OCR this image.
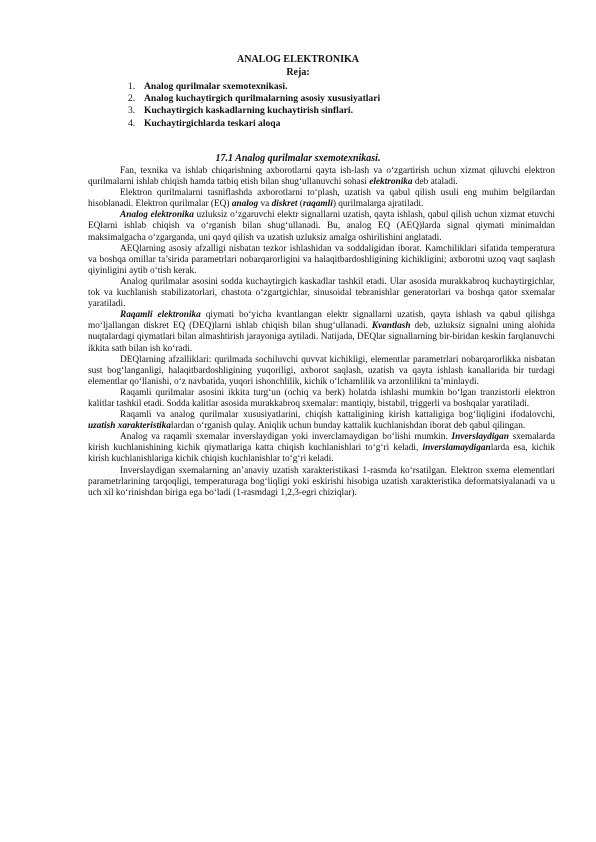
ANALOG ELEKTRONIKA
Reja:
1. Analog qurilmalar sxemotexnikasi.
2. Analog kuchaytirgich qurilmalarning asosiy xususiyatlari
3. Kuchaytirgich kaskadlarning kuchaytirish sinflari.
4. Kuchaytirgichlarda teskari aloqa
17.1 Analog qurilmalar sxemotexnikasi.

Fan, texnika va ishlab chiqarishning axborotlarni qayta ish-lash va o‘zgartirish uchun xizmat qiluvchi elektron qurilmalarni ishlab chiqish hamda tatbiq etish bilan shug‘ullanuvchi sohasi elektronika deb ataladi.

Elektron qurilmalarni tasniflashda axborotlarni to‘plash, uzatish va qabul qilish usuli eng muhim belgilardan hisoblanadi. Elektron qurilmalar (EQ) analog va diskret (raqamli) qurilmalarga ajratiladi.

Analog elektronika uzluksiz o‘zgaruvchi elektr signallarni uzatish, qayta ishlash, qabul qilish uchun xizmat etuvchi EQlarni ishlab chiqish va o‘rganish bilan shug‘ullanadi. Bu, analog EQ (AEQ)larda signal qiymati minimaldan maksimalgacha o‘zgarganda, uni qayd qilish va uzatish uzluksiz amalga oshirilishini anglatadi.

AEQlarning asosiy afzalligi nisbatan tezkor ishlashidan va soddaligidan iborat. Kamchiliklari sifatida temperatura va boshqa omillar ta’sirida parametrlari nobarqarorligini va halaqitbardoshligining kichikligini; axborotni uzoq vaqt saqlash qiyinligini aytib o‘tish kerak.

Analog qurilmalar asosini sodda kuchaytirgich kaskadlar tashkil etadi. Ular asosida murakkabroq kuchaytirgichlar, tok va kuchlanish stabilizatorlari, chastota o‘zgartgichlar, sinusoidal tebranishlar generatorlari va boshqa qator sxemalar yaratiladi.

Raqamli elektronika qiymati bo‘yicha kvantlangan elektr signallarni uzatish, qayta ishlash va qabul qilishga mo‘ljallangan diskret EQ (DEQ)larni ishlab chiqish bilan shug‘ullanadi. Kvantlash deb, uzluksiz signalni uning alohida nuqtalardagi qiymatlari bilan almashtirish jarayoniga aytiladi. Natijada, DEQlar signallarning bir-biridan keskin farqlanuvchi ikkita sath bilan ish ko‘radi.

DEQlarning afzalliklari: qurilmada sochiluvchi quvvat kichikligi, elementlar parametrlari nobarqarorlikka nisbatan sust bog‘langanligi, halaqitbardoshligining yuqoriligi, axborot saqlash, uzatish va qayta ishlash kanallarida bir turdagi elementlar qo‘llanishi, o‘z navbatida, yuqori ishonchlilik, kichik o‘lchamlilik va arzonlilikni ta’minlaydi.

Raqamli qurilmalar asosini ikkita turg‘un (ochiq va berk) holatda ishlashi mumkin bo‘lgan tranzistorli elektron kalitlar tashkil etadi. Sodda kalitlar asosida murakkabroq sxemalar: mantiqiy, bistabil, triggerli va boshqalar yaratiladi.

Raqamli va analog qurilmalar xususiyatlarini, chiqish kattaligining kirish kattaligiga bog‘liqligini ifodalovchi, uzatish xarakteristikalardan o‘rganish qulay. Aniqlik uchun bunday kattalik kuchlanishdan iborat deb qabul qilingan.

Analog va raqamli sxemalar inverslaydigan yoki inverclamaydigan bo‘lishi mumkin. Inverslaydigan sxemalarda kirish kuchlanishining kichik qiymatlariga katta chiqish kuchlanishlari to‘g‘ri keladi, inverslamaydiganlarda esa, kichik kirish kuchlanishlariga kichik chiqish kuchlanishlar to‘g‘ri keladi.

Inverslaydigan sxemalarning an’anaviy uzatish xarakteristikasi 1-rasmda ko‘rsatilgan. Elektron sxema elementlari parametrlarining tarqoqligi, temperaturaga bog‘liqligi yoki eskirishi hisobiga uzatish xarakteristika deformatsiyalanadi va u uch xil ko‘rinishdan biriga ega bo‘ladi (1-rasmdagi 1,2,3-egri chiziqlar).
